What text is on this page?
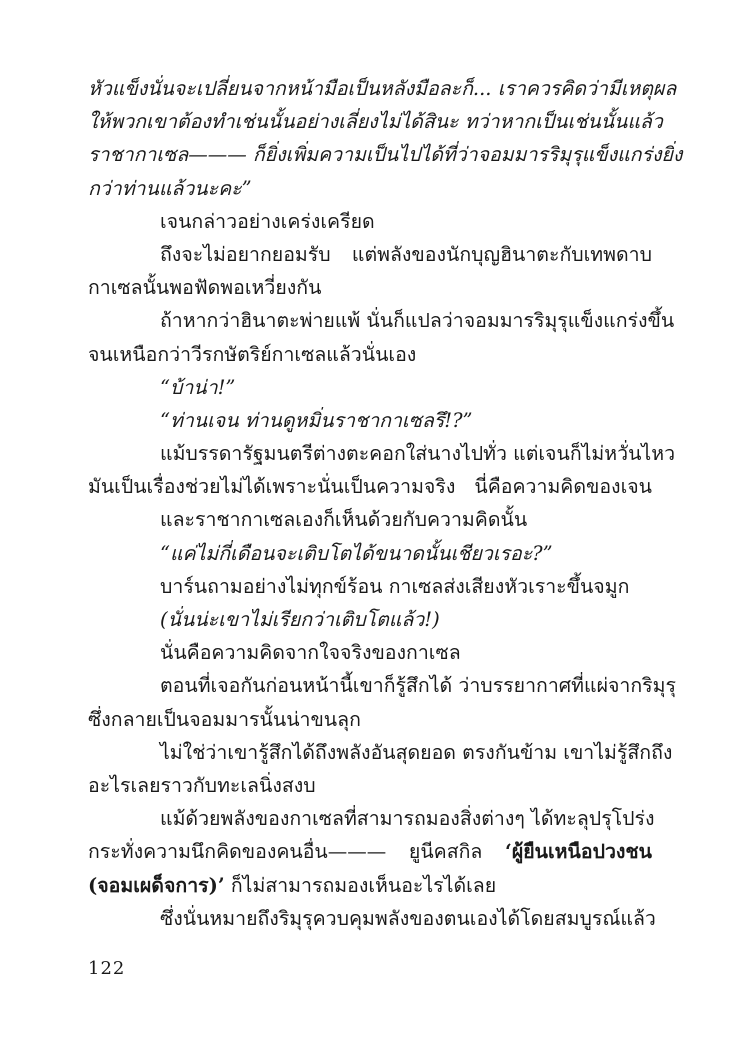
หัวแข็งนั่นจะเปลี่ยนจากหน้ามือเป็นหลังมือละก็... เราควรคิดว่ามีเหตุผล
ให้พวกเขาต้องทำเช่นนั้นอย่างเลี่ยงไม่ได้สินะ ทว่าหากเป็นเช่นนั้นแล้ว
ราชากาเซล——— ก็ยิ่งเพิ่มความเป็นไปได้ที่ว่าจอมมารริมุรุแข็งแกร่งยิ่ง
กว่าท่านแล้วนะคะ”
เจนกล่าวอย่างเคร่งเครียด
ถึงจะไม่อยากยอมรับ แต่พลังของนักบุญฮินาตะกับเทพดาบ
กาเซลนั้นพอฟัดพอเหวี่ยงกัน
ถ้าหากว่าฮินาตะพ่ายแพ้ นั่นก็แปลว่าจอมมารริมุรุแข็งแกร่งขึ้น
จนเหนือกว่าวีรกษัตริย์กาเซลแล้วนั่นเอง
“บ้าน่า!”
“ท่านเจน ท่านดูหมิ่นราชากาเซลรึ!?”
แม้บรรดารัฐมนตรีต่างตะคอกใส่นางไปทั่ว แต่เจนก็ไม่หวั่นไหว
มันเป็นเรื่องช่วยไม่ได้เพราะนั่นเป็นความจริง นี่คือความคิดของเจน
และราชากาเซลเองก็เห็นด้วยกับความคิดนั้น
“แค่ไม่กี่เดือนจะเติบโตได้ขนาดนั้นเชียวเรอะ?”
บาร์นถามอย่างไม่ทุกข์ร้อน กาเซลส่งเสียงหัวเราะขึ้นจมูก
(นั่นน่ะเขาไม่เรียกว่าเติบโตแล้ว!)
นั่นคือความคิดจากใจจริงของกาเซล
ตอนที่เจอกันก่อนหน้านี้เขาก็รู้สึกได้ ว่าบรรยากาศที่แผ่จากริมุรุ
ซึ่งกลายเป็นจอมมารนั้นน่าขนลุก
ไม่ใช่ว่าเขารู้สึกได้ถึงพลังอันสุดยอด ตรงกันข้าม เขาไม่รู้สึกถึง
อะไรเลยราวกับทะเลนิ่งสงบ
แม้ด้วยพลังของกาเซลที่สามารถมองสิ่งต่างๆ ได้ทะลุปรุโปร่ง
กระทั่งความนึกคิดของคนอื่น——— ยูนีคสกิล ‘ผู้ยืนเหนือปวงชน
(จอมเผด็จการ)’ ก็ไม่สามารถมองเห็นอะไรได้เลย
ซึ่งนั่นหมายถึงริมุรุควบคุมพลังของตนเองได้โดยสมบูรณ์แล้ว
122
